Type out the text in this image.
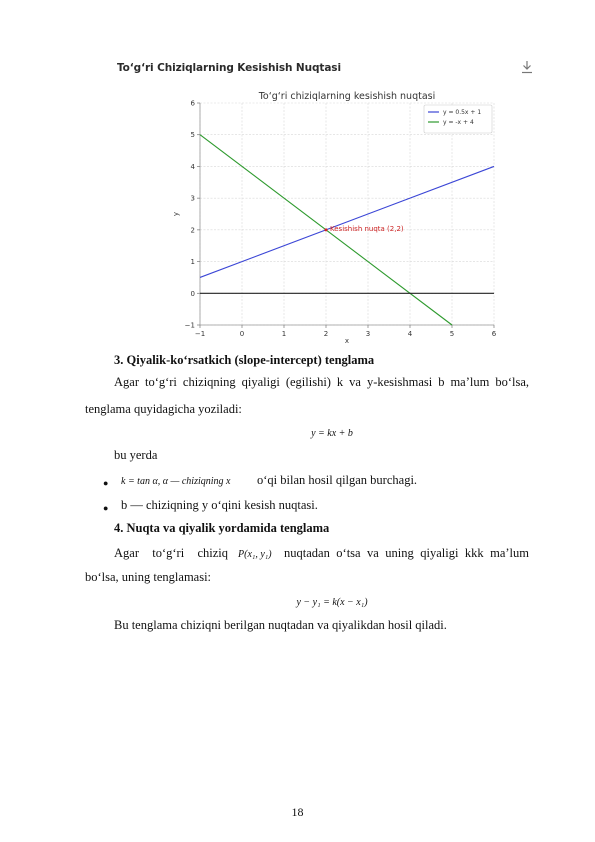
To‘g‘ri Chiziqlarning Kesishish Nuqtasi
To‘g‘ri chiziqlarning kesishish nuqtasi
−1	0	1	2	3	4	5	6
−1
0
1
2
3
4
5
6
x
y
Kesishish nuqta (2,2)
y = 0.5x + 1
y = -x + 4
3. Qiyalik-ko‘rsatkich (slope-intercept) tenglama
Agar to‘g‘ri chiziqning qiyaligi (egilishi) k va y-kesishmasi b ma’lum bo‘lsa,
tenglama quyidagicha yoziladi:
y = kx + b
bu yerda
● k = tan α, α — chiziqning x o‘qi bilan hosil qilgan burchagi.
● b — chiziqning y o‘qini kesish nuqtasi.
4. Nuqta va qiyalik yordamida tenglama
Agar to‘g‘ri chiziq P(x₁, y₁) nuqtadan o‘tsa va uning qiyaligi kkk ma’lum
bo‘lsa, uning tenglamasi:
y − y₁ = k(x − x₁)
Bu tenglama chiziqni berilgan nuqtadan va qiyalikdan hosil qiladi.
18
